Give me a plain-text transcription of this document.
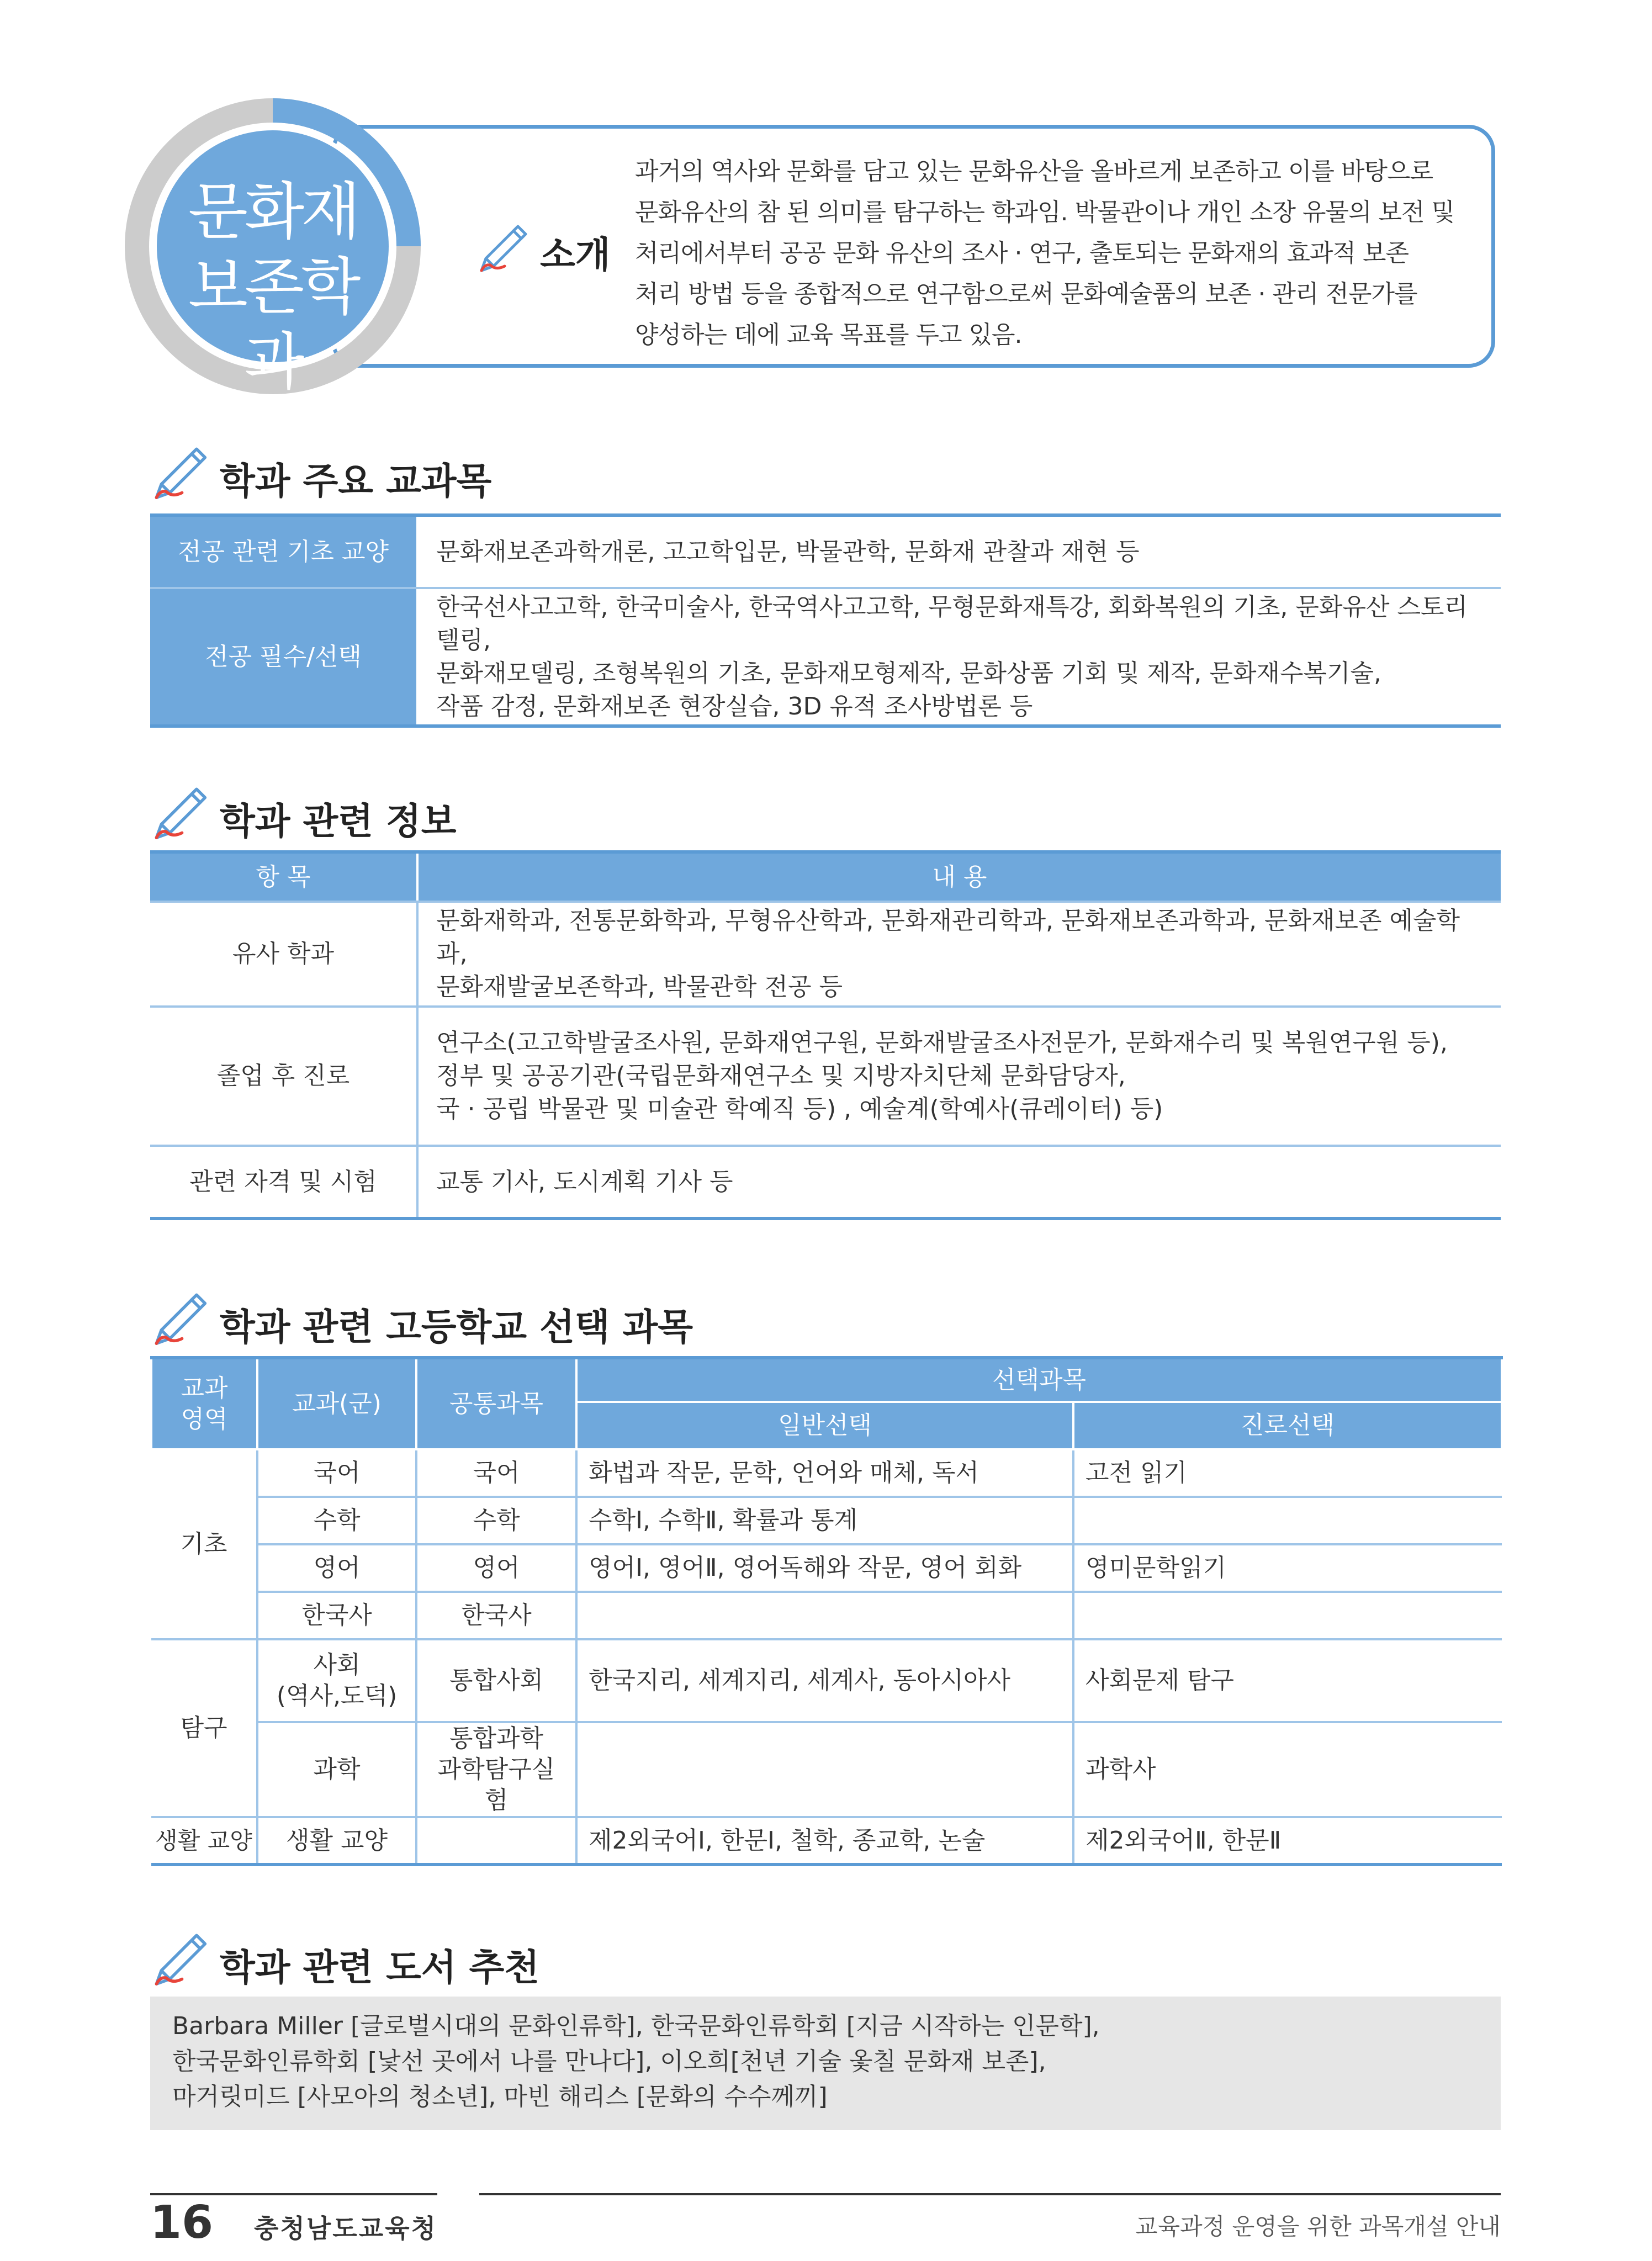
문화재
보존학과
소개
과거의 역사와 문화를 담고 있는 문화유산을 올바르게 보존하고 이를 바탕으로
문화유산의 참 된 의미를 탐구하는 학과임. 박물관이나 개인 소장 유물의 보전 및
처리에서부터 공공 문화 유산의 조사 · 연구, 출토되는 문화재의 효과적 보존
처리 방법 등을 종합적으로 연구함으로써 문화예술품의 보존 · 관리 전문가를
양성하는 데에 교육 목표를 두고 있음.
학과 주요 교과목
전공 관련 기초 교양	문화재보존과학개론, 고고학입문, 박물관학, 문화재 관찰과 재현 등

전공 필수/선택	한국선사고고학, 한국미술사, 한국역사고고학, 무형문화재특강, 회화복원의 기초, 문화유산 스토리텔링,
문화재모델링, 조형복원의 기초, 문화재모형제작, 문화상품 기회 및 제작, 문화재수복기술,
작품 감정, 문화재보존 현장실습, 3D 유적 조사방법론 등
학과 관련 정보
항 목	내 용
유사 학과	문화재학과, 전통문화학과, 무형유산학과, 문화재관리학과, 문화재보존과학과, 문화재보존 예술학과,
문화재발굴보존학과, 박물관학 전공 등

졸업 후 진로	연구소(고고학발굴조사원, 문화재연구원, 문화재발굴조사전문가, 문화재수리 및 복원연구원 등),
정부 및 공공기관(국립문화재연구소 및 지방자치단체 문화담당자,
국 · 공립 박물관 및 미술관 학예직 등) , 예술계(학예사(큐레이터) 등)

관련 자격 및 시험	교통 기사, 도시계획 기사 등
학과 관련 고등학교 선택 과목
교과
영역	교과(군)	공통과목	선택과목	
			일반선택	진로선택
기초	국어	국어	화법과 작문, 문학, 언어와 매체, 독서	고전 읽기
	수학	수학	수학Ⅰ, 수학Ⅱ, 확률과 통계	
	영어	영어	영어Ⅰ, 영어Ⅱ, 영어독해와 작문, 영어 회화	영미문학읽기
	한국사	한국사		
탐구	사회
(역사,도덕)	통합사회	한국지리, 세계지리, 세계사, 동아시아사	사회문제 탐구
	과학	통합과학
과학탐구실험		과학사
생활 교양	생활 교양		제2외국어Ⅰ, 한문Ⅰ, 철학, 종교학, 논술	제2외국어Ⅱ, 한문Ⅱ
학과 관련 도서 추천
Barbara Miller [글로벌시대의 문화인류학], 한국문화인류학회 [지금 시작하는 인문학],
한국문화인류학회 [낯선 곳에서 나를 만나다], 이오희[천년 기술 옻칠 문화재 보존],
마거릿미드 [사모아의 청소년], 마빈 해리스 [문화의 수수께끼]
16 충청남도교육청	교육과정 운영을 위한 과목개설 안내
